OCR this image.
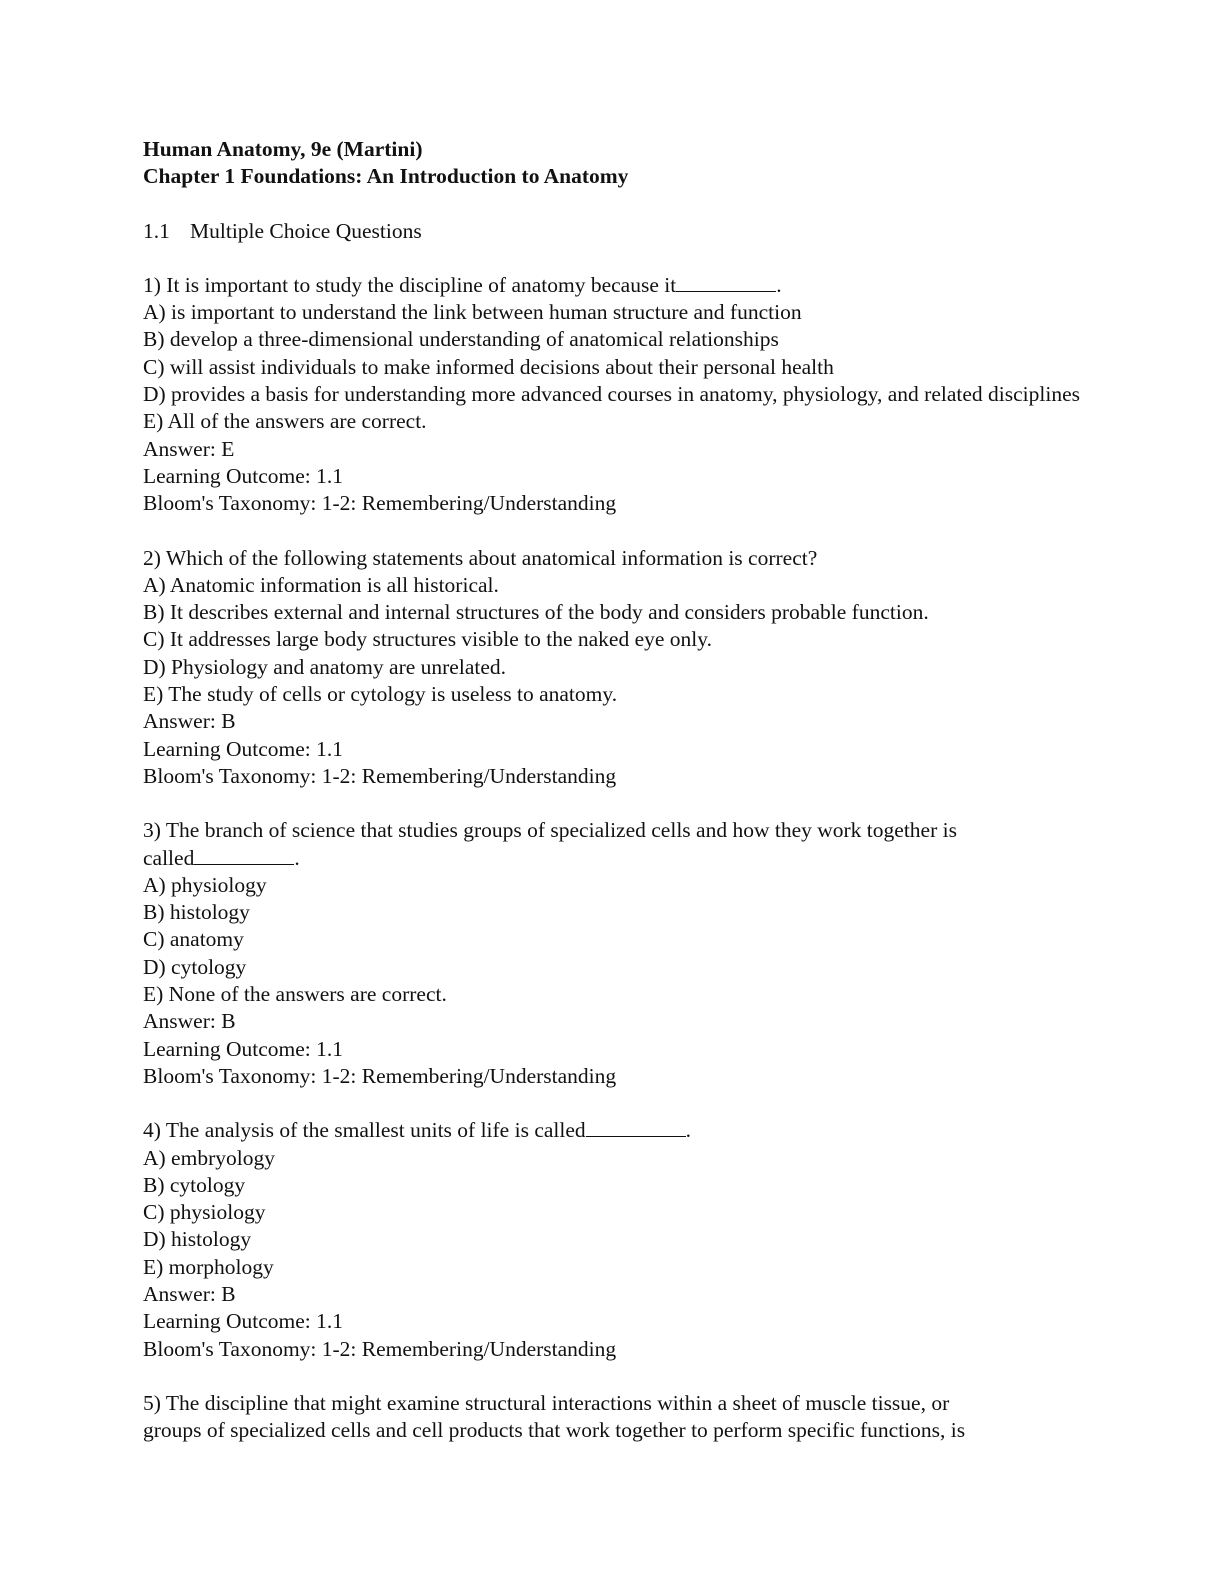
Human Anatomy, 9e (Martini)
Chapter 1 Foundations: An Introduction to Anatomy
1.1 Multiple Choice Questions
1) It is important to study the discipline of anatomy because it	.
A) is important to understand the link between human structure and function
B) develop a three-dimensional understanding of anatomical relationships
C) will assist individuals to make informed decisions about their personal health
D) provides a basis for understanding more advanced courses in anatomy, physiology, and related disciplines
E) All of the answers are correct.
Answer: E
Learning Outcome: 1.1
Bloom's Taxonomy: 1-2: Remembering/Understanding
2) Which of the following statements about anatomical information is correct?
A) Anatomic information is all historical.
B) It describes external and internal structures of the body and considers probable function.
C) It addresses large body structures visible to the naked eye only.
D) Physiology and anatomy are unrelated.
E) The study of cells or cytology is useless to anatomy.
Answer: B
Learning Outcome: 1.1
Bloom's Taxonomy: 1-2: Remembering/Understanding
3) The branch of science that studies groups of specialized cells and how they work together is
called	.
A) physiology
B) histology
C) anatomy
D) cytology
E) None of the answers are correct.
Answer: B
Learning Outcome: 1.1
Bloom's Taxonomy: 1-2: Remembering/Understanding
4) The analysis of the smallest units of life is called	.
A) embryology
B) cytology
C) physiology
D) histology
E) morphology
Answer: B
Learning Outcome: 1.1
Bloom's Taxonomy: 1-2: Remembering/Understanding
5) The discipline that might examine structural interactions within a sheet of muscle tissue, or
groups of specialized cells and cell products that work together to perform specific functions, is
